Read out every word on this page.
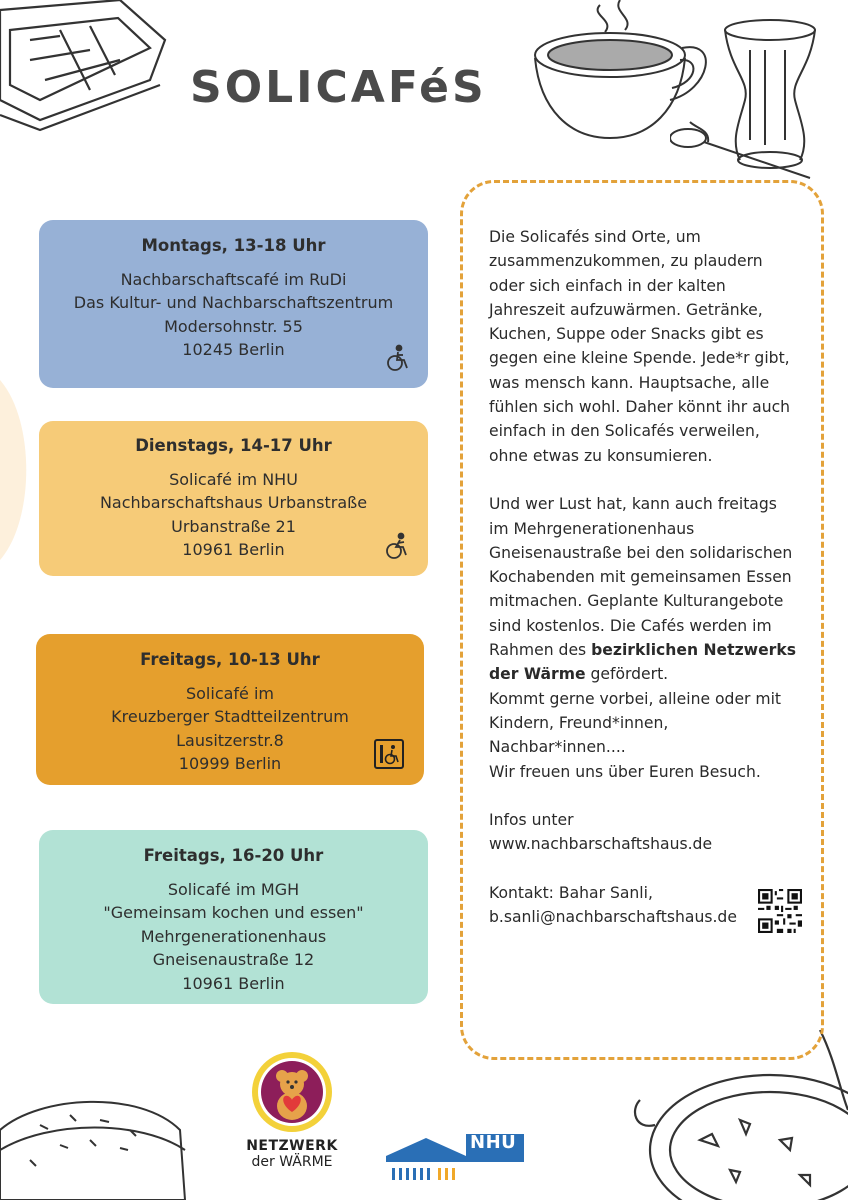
SOLICAFéS
Montags, 13-18 Uhr
Nachbarschaftscafé im RuDi
Das Kultur- und Nachbarschaftszentrum
Modersohnstr. 55
10245 Berlin
Dienstags, 14-17 Uhr
Solicafé im NHU
Nachbarschaftshaus Urbanstraße
Urbanstraße 21
10961 Berlin
Freitags, 10-13 Uhr
Solicafé im
Kreuzberger Stadtteilzentrum
Lausitzerstr.8
10999 Berlin
Freitags, 16-20 Uhr
Solicafé im MGH
"Gemeinsam kochen und essen"
Mehrgenerationenhaus
Gneisenaustraße 12
10961 Berlin

Die Solicafés sind Orte, um zusammenzukommen, zu plaudern oder sich einfach in der kalten Jahreszeit aufzuwärmen. Getränke, Kuchen, Suppe oder Snacks gibt es gegen eine kleine Spende. Jede*r gibt, was mensch kann. Hauptsache, alle fühlen sich wohl. Daher könnt ihr auch einfach in den Solicafés verweilen, ohne etwas zu konsumieren.

Und wer Lust hat, kann auch freitags im Mehrgenerationenhaus Gneisenaustraße bei den solidarischen Kochabenden mit gemeinsamen Essen mitmachen. Geplante Kulturangebote sind kostenlos. Die Cafés werden im Rahmen des bezirklichen Netzwerks der Wärme gefördert.
Kommt gerne vorbei, alleine oder mit Kindern, Freund*innen, Nachbar*innen....
Wir freuen uns über Euren Besuch.

Infos unter
www.nachbarschaftshaus.de

Kontakt: Bahar Sanli,
b.sanli@nachbarschaftshaus.de

NETZWERK
der WÄRME
NHU
